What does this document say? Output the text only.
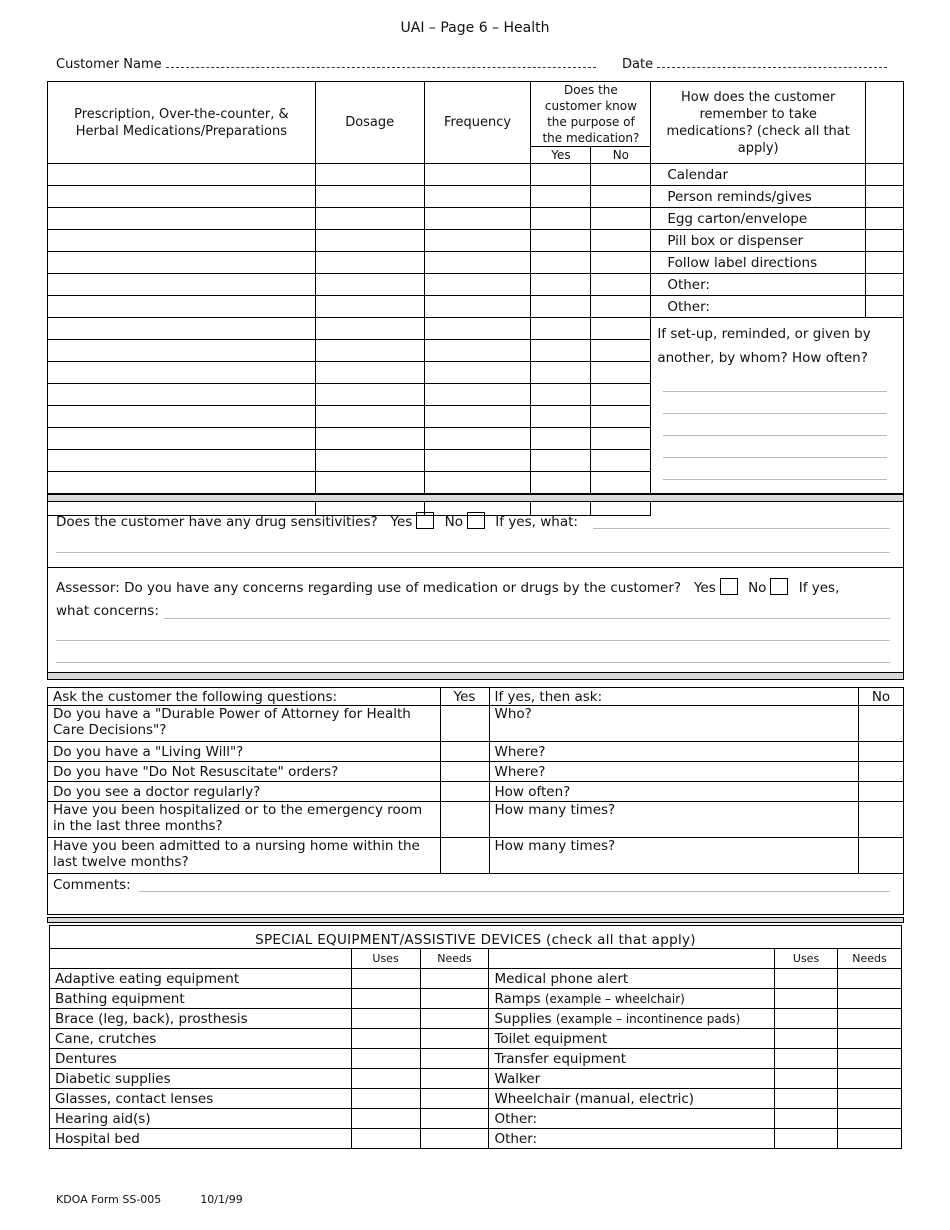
UAI – Page 6 – Health
Customer Name	Date
Prescription, Over-the-counter, & Herbal Medications/Preparations	Dosage	Frequency	Does the customer know the purpose of the medication?		How does the customer remember to take medications? (check all that apply)	
			Yes	No		
					Calendar	
					Person reminds/gives	
					Egg carton/envelope	
					Pill box or dispenser	
					Follow label directions	
					Other:	
					Other:	

					If set-up, reminded, or given by another, by whom? How often?	

Does the customer have any drug sensitivities? Yes No If yes, what:
Assessor: Do you have any concerns regarding use of medication or drugs by the customer? Yes No If yes,
what concerns:
Ask the customer the following questions:	Yes	If yes, then ask:	No
Do you have a "Durable Power of Attorney for Health Care Decisions"?		Who?	
Do you have a "Living Will"?		Where?	
Do you have "Do Not Resuscitate" orders?		Where?	
Do you see a doctor regularly?		How often?	
Have you been hospitalized or to the emergency room in the last three months?		How many times?	
Have you been admitted to a nursing home within the last twelve months?		How many times?	
Comments:			
SPECIAL EQUIPMENT/ASSISTIVE DEVICES (check all that apply)					
	Uses	Needs		Uses	Needs
Adaptive eating equipment			Medical phone alert		
Bathing equipment			Ramps (example – wheelchair)		
Brace (leg, back), prosthesis			Supplies (example – incontinence pads)		
Cane, crutches			Toilet equipment		
Dentures			Transfer equipment		
Diabetic supplies			Walker		
Glasses, contact lenses			Wheelchair (manual, electric)		
Hearing aid(s)			Other:		
Hospital bed			Other:		
KDOA Form SS-005	10/1/99
